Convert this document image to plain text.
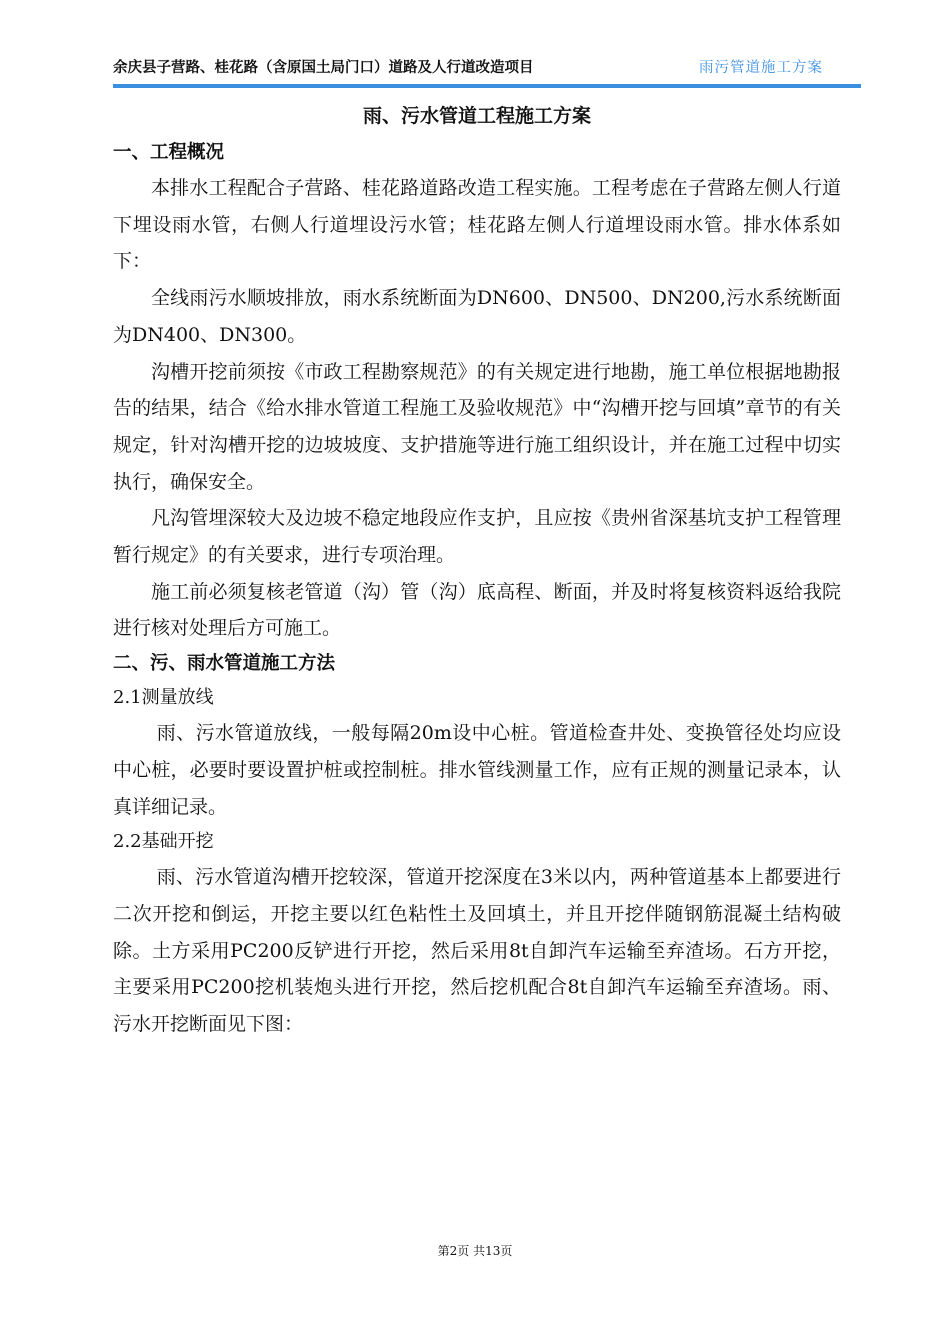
余庆县子营路、桂花路（含原国土局门口）道路及人行道改造项目	雨污管道施工方案
雨、污水管道工程施工方案
一、工程概况

本排水工程配合子营路、桂花路道路改造工程实施。工程考虑在子营路左侧人行道下埋设雨水管，右侧人行道埋设污水管；桂花路左侧人行道埋设雨水管。排水体系如下：

全线雨污水顺坡排放，雨水系统断面为DN600、DN500、DN200,污水系统断面为DN400、DN300。

沟槽开挖前须按《市政工程勘察规范》的有关规定进行地勘，施工单位根据地勘报告的结果，结合《给水排水管道工程施工及验收规范》中“沟槽开挖与回填”章节的有关规定，针对沟槽开挖的边坡坡度、支护措施等进行施工组织设计，并在施工过程中切实执行，确保安全。

凡沟管埋深较大及边坡不稳定地段应作支护，且应按《贵州省深基坑支护工程管理暂行规定》的有关要求，进行专项治理。

施工前必须复核老管道（沟）管（沟）底高程、断面，并及时将复核资料返给我院进行核对处理后方可施工。

二、污、雨水管道施工方法
2.1测量放线

雨、污水管道放线，一般每隔20m设中心桩。管道检查井处、变换管径处均应设中心桩，必要时要设置护桩或控制桩。排水管线测量工作，应有正规的测量记录本，认真详细记录。

2.2基础开挖

雨、污水管道沟槽开挖较深，管道开挖深度在3米以内，两种管道基本上都要进行二次开挖和倒运，开挖主要以红色粘性土及回填土，并且开挖伴随钢筋混凝土结构破除。土方采用PC200反铲进行开挖，然后采用8t自卸汽车运输至弃渣场。石方开挖，主要采用PC200挖机装炮头进行开挖，然后挖机配合8t自卸汽车运输至弃渣场。雨、污水开挖断面见下图：

第2页 共13页
